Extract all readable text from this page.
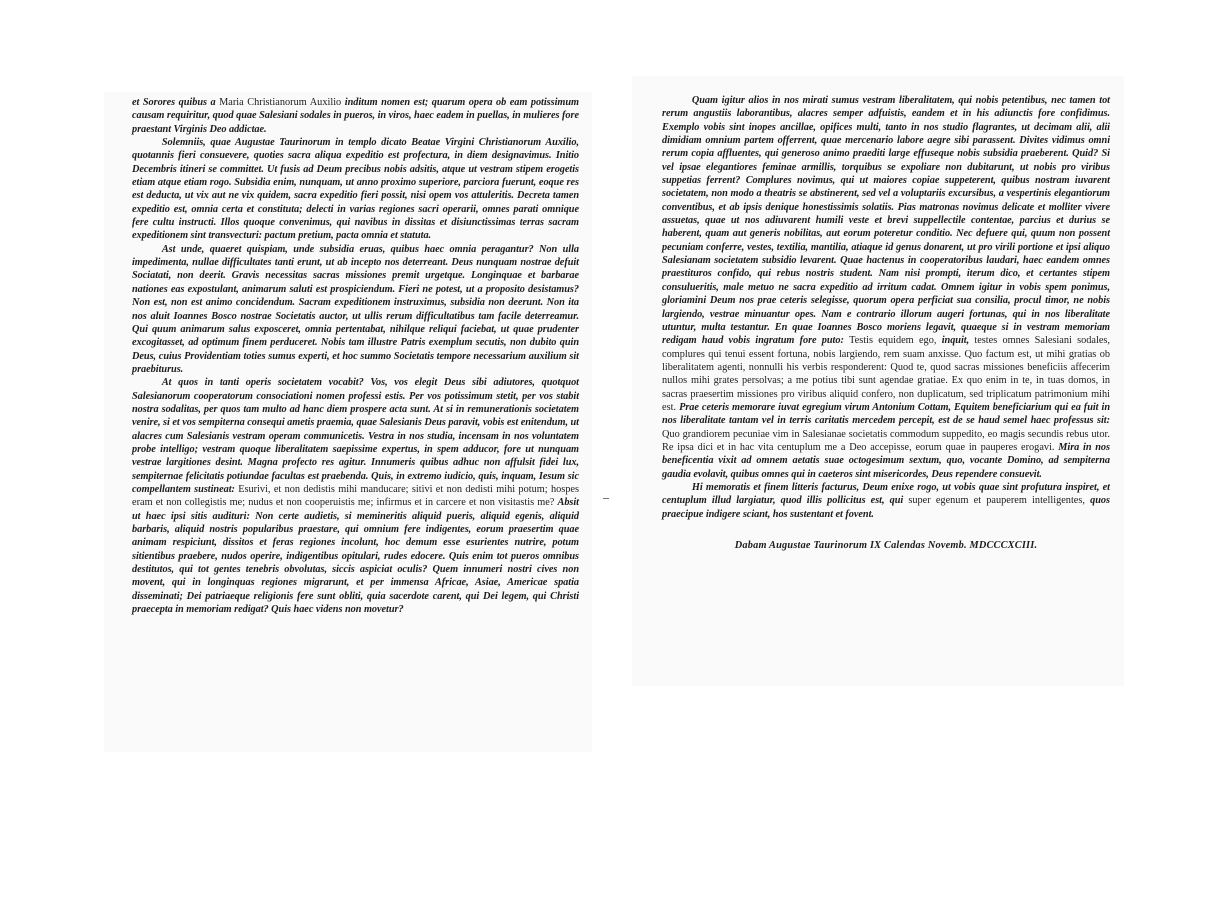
et Sorores quibus a Maria Christianorum Auxilio inditum nomen est; quarum opera ob eam potissimum causam requiritur, quod quae Salesiani sodales in pueros, in viros, haec eadem in puellas, in mulieres fore praestant Virginis Deo addictae.

Solemniis, quae Augustae Taurinorum in templo dicato Beatae Virgini Christianorum Auxilio, quotannis fieri consuevere, quoties sacra aliqua expeditio est profectura, in diem designavimus. Initio Decembris itineri se committet. Ut fusis ad Deum precibus nobis adsitis, atque ut vestram stipem erogetis etiam atque etiam rogo. Subsidia enim, nunquam, ut anno proximo superiore, parciora fuerunt, eoque res est deducta, ut vix aut ne vix quidem, sacra expeditio fieri possit, nisi opem vos attuleritis. Decreta tamen expeditio est, omnia certa et constituta; delecti in varias regiones sacri operarii, omnes parati omnique fere cultu instructi. Illos quoque convenimus, qui navibus in dissitas et disiunctissimas terras sacram expeditionem sint transvecturi: pactum pretium, pacta omnia et statuta.

Ast unde, quaeret quispiam, unde subsidia eruas, quibus haec omnia peragantur? Non ulla impedimenta, nullae difficultates tanti erunt, ut ab incepto nos deterreant. Deus nunquam nostrae defuit Sociatati, non deerit. Gravis necessitas sacras missiones premit urgetque. Longinquae et barbarae nationes eas expostulant, animarum saluti est prospiciendum. Fieri ne potest, ut a proposito desistamus? Non est, non est animo concidendum. Sacram expeditionem instruximus, subsidia non deerunt. Non ita nos aluit Ioannes Bosco nostrae Societatis auctor, ut ullis rerum difficultatibus tam facile deterreamur. Qui quum animarum salus exposceret, omnia pertentabat, nihilque reliqui faciebat, ut quae prudenter excogitasset, ad optimum finem perduceret. Nobis tam illustre Patris exemplum secutis, non dubito quin Deus, cuius Providentiam toties sumus experti, et hoc summo Societatis tempore necessarium auxilium sit praebiturus.

At quos in tanti operis societatem vocabit? Vos, vos elegit Deus sibi adiutores, quotquot Salesianorum cooperatorum consociationi nomen professi estis. Per vos potissimum stetit, per vos stabit nostra sodalitas, per quos tam multo ad hanc diem prospere acta sunt. At si in remunerationis societatem venire, si et vos sempiterna consequi ametis praemia, quae Salesianis Deus paravit, vobis est enitendum, ut alacres cum Salesianis vestram operam communicetis. Vestra in nos studia, incensam in nos voluntatem probe intelligo; vestram quoque liberalitatem saepissime expertus, in spem adducor, fore ut nunquam vestrae largitiones desint. Magna profecto res agitur. Innumeris quibus adhuc non affulsit fidei lux, sempiternae felicitatis potiundae facultas est praebenda. Quis, in extremo iudicio, quis, inquam, Iesum sic compellantem sustineat: Esurivi, et non dedistis mihi manducare; sitivi et non dedisti mihi potum; hospes eram et non collegistis me; nudus et non cooperuistis me; infirmus et in carcere et non visitastis me? Absit ut haec ipsi sitis audituri: Non certe audietis, si memineritis aliquid pueris, aliquid egenis, aliquid barbaris, aliquid nostris popularibus praestare, qui omnium fere indigentes, eorum praesertim quae animam respiciunt, dissitos et feras regiones incolunt, hoc demum esse esurientes nutrire, potum sitientibus praebere, nudos operire, indigentibus opitulari, rudes edocere. Quis enim tot pueros omnibus destitutos, qui tot gentes tenebris obvolutas, siccis aspiciat oculis? Quem innumeri nostri cives non movent, qui in longinquas regiones migrarunt, et per immensa Africae, Asiae, Americae spatia disseminati; Dei patriaeque religionis fere sunt obliti, quia sacerdote carent, qui Dei legem, qui Christi praecepta in memoriam redigat? Quis haec videns non movetur?

Quam igitur alios in nos mirati sumus vestram liberalitatem, qui nobis petentibus, nec tamen tot rerum angustiis laborantibus, alacres semper adfuistis, eandem et in his adiunctis fore confidimus. Exemplo vobis sint inopes ancillae, opifices multi, tanto in nos studio flagrantes, ut decimam alii, alii dimidiam omnium partem offerrent, quae mercenario labore aegre sibi parassent. Divites vidimus omni rerum copia affluentes, qui generoso animo praediti large effuseque nobis subsidia praeberent. Quid? Si vel ipsae elegantiores feminae armillis, torquibus se expoliare non dubitarunt, ut nobis pro viribus suppetias ferrent? Complures novimus, qui ut maiores copiae suppeterent, quibus nostram iuvarent societatem, non modo a theatris se abstinerent, sed vel a voluptariis excursibus, a vespertinis elegantiorum conventibus, et ab ipsis denique honestissimis solatiis. Pias matronas novimus delicate et molliter vivere assuetas, quae ut nos adiuvarent humili veste et brevi suppellectile contentae, parcius et durius se haberent, quam aut generis nobilitas, aut eorum poteretur conditio. Nec defuere qui, quum non possent pecuniam conferre, vestes, textilia, mantilia, atiaque id genus donarent, ut pro virili portione et ipsi aliquo Salesianam societatem subsidio levarent. Quae hactenus in cooperatoribus laudari, haec eandem omnes praestituros confido, qui rebus nostris student. Nam nisi prompti, iterum dico, et certantes stipem consulueritis, male metuo ne sacra expeditio ad irritum cadat. Omnem igitur in vobis spem ponimus, gloriamini Deum nos prae ceteris selegisse, quorum opera perficiat sua consilia, procul timor, ne nobis largiendo, vestrae minuantur opes. Nam e contrario illorum augeri fortunas, qui in nos liberalitate utuntur, multa testantur. En quae Ioannes Bosco moriens legavit, quaeque si in vestram memoriam redigam haud vobis ingratum fore puto: Testis equidem ego, inquit, testes omnes Salesiani sodales, complures qui tenui essent fortuna, nobis largiendo, rem suam anxisse. Quo factum est, ut mihi gratias ob liberalitatem agenti, nonnulli his verbis responderent: Quod te, quod sacras missiones beneficiis affecerim nullos mihi grates persolvas; a me potius tibi sunt agendae gratiae. Ex quo enim in te, in tuas domos, in sacras praesertim missiones pro viribus aliquid confero, non duplicatum, sed triplicatum patrimonium mihi est. Prae ceteris memorare iuvat egregium virum Antonium Cottam, Equitem beneficiarium qui ea fuit in nos liberalitate tantam vel in terris caritatis mercedem percepit, est de se haud semel haec professus sit: Quo grandiorem pecuniae vim in Salesianae societatis commodum suppedito, eo magis secundis rebus utor. Re ipsa dici et in hac vita centuplum me a Deo accepisse, eorum quae in pauperes erogavi. Mira in nos beneficentia vixit ad omnem aetatis suae octogesimum sextum, quo, vocante Domino, ad sempiterna gaudia evolavit, quibus omnes qui in caeteros sint misericordes, Deus rependere consuevit.

Hi memoratis et finem litteris facturus, Deum enixe rogo, ut vobis quae sint profutura inspiret, et centuplum illud largiatur, quod illis pollicitus est, qui super egenum et pauperem intelligentes, quos praecipue indigere sciant, hos sustentant et fovent.

Dabam Augustae Taurinorum IX Calendas Novemb. MDCCCXCIII.
